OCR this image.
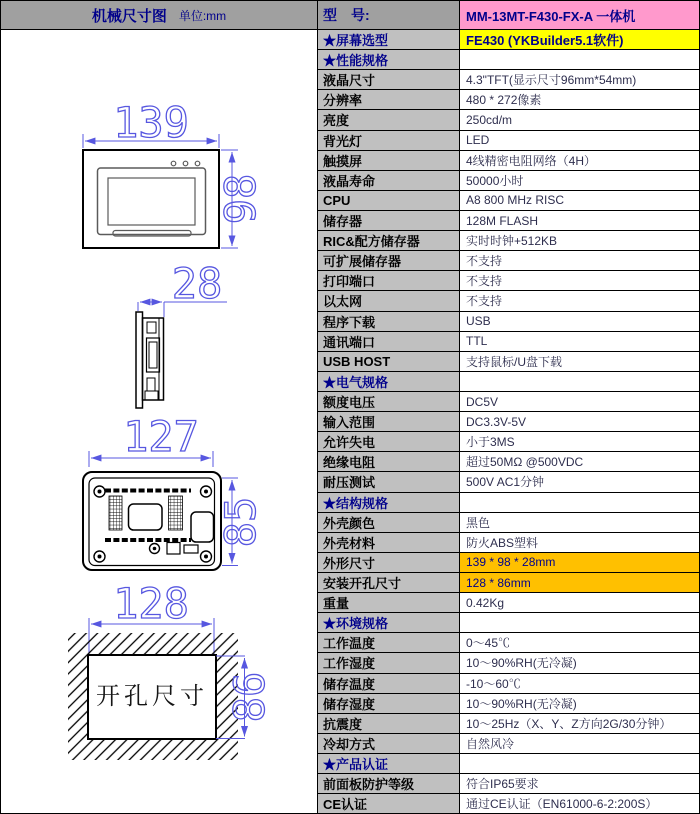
机械尺寸图 单位:mm
139
98
28
127
85
128
开孔尺寸 86
型　号:	MM-13MT-F430-FX-A 一体机
★屏幕选型	FE430 (YKBuilder5.1软件)
★性能规格
液晶尺寸	4.3"TFT(显示尺寸96mm*54mm)
分辨率	480 * 272像素
亮度	250cd/m
背光灯	LED
触摸屏	4线精密电阻网络（4H）
液晶寿命	50000小时
CPU	A8 800 MHz RISC
储存器	128M FLASH
RIC&配方储存器	实时时钟+512KB
可扩展储存器	不支持
打印端口	不支持
以太网	不支持
程序下载	USB
通讯端口	TTL
USB HOST	支持鼠标/U盘下载
★电气规格
额度电压	DC5V
输入范围	DC3.3V-5V
允许失电	小于3MS
绝缘电阻	超过50MΩ @500VDC
耐压测试	500V AC1分钟
★结构规格
外壳颜色	黑色
外壳材料	防火ABS塑料
外形尺寸	139 * 98 * 28mm
安装开孔尺寸	128 * 86mm
重量	0.42Kg
★环境规格
工作温度	0～45℃
工作湿度	10～90%RH(无冷凝)
储存温度	-10～60℃
储存湿度	10～90%RH(无冷凝)
抗震度	10～25Hz（X、Y、Z方向2G/30分钟）
冷却方式	自然风冷
★产品认证
前面板防护等级	符合IP65要求
CE认证	通过CE认证（EN61000-6-2:200S）
